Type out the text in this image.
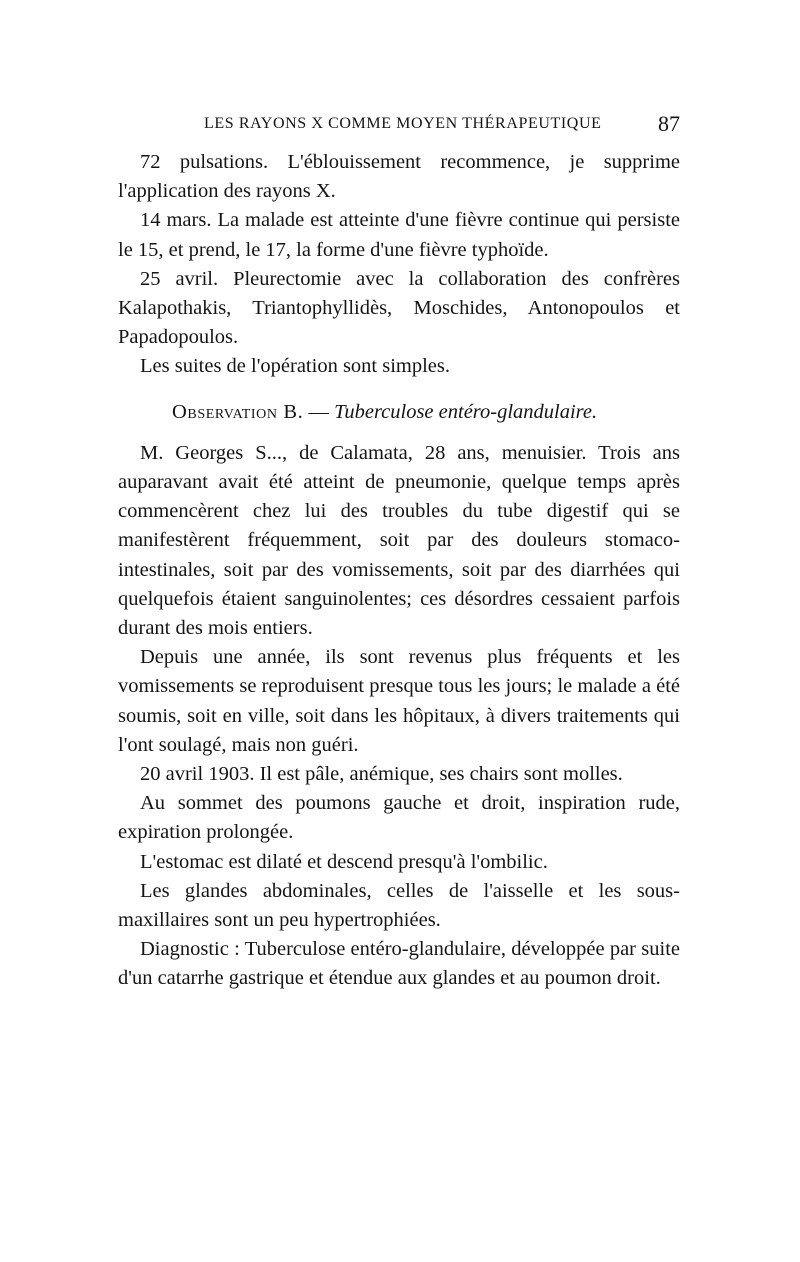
LES RAYONS X COMME MOYEN THÉRAPEUTIQUE	87

72 pulsations. L'éblouissement recommence, je supprime l'application des rayons X.

14 mars. La malade est atteinte d'une fièvre continue qui persiste le 15, et prend, le 17, la forme d'une fièvre typhoïde.

25 avril. Pleurectomie avec la collaboration des confrères Kalapothakis, Triantophyllidès, Moschides, Antonopoulos et Papadopoulos.

Les suites de l'opération sont simples.

Observation B. — Tuberculose entéro-glandulaire.

M. Georges S..., de Calamata, 28 ans, menuisier. Trois ans auparavant avait été atteint de pneumonie, quelque temps après commencèrent chez lui des troubles du tube digestif qui se manifestèrent fréquemment, soit par des douleurs stomaco-intestinales, soit par des vomissements, soit par des diarrhées qui quelquefois étaient sanguinolentes; ces désordres cessaient parfois durant des mois entiers.

Depuis une année, ils sont revenus plus fréquents et les vomissements se reproduisent presque tous les jours; le malade a été soumis, soit en ville, soit dans les hôpitaux, à divers traitements qui l'ont soulagé, mais non guéri.

20 avril 1903. Il est pâle, anémique, ses chairs sont molles.

Au sommet des poumons gauche et droit, inspiration rude, expiration prolongée.

L'estomac est dilaté et descend presqu'à l'ombilic.

Les glandes abdominales, celles de l'aisselle et les sous-maxillaires sont un peu hypertrophiées.

Diagnostic : Tuberculose entéro-glandulaire, développée par suite d'un catarrhe gastrique et étendue aux glandes et au poumon droit.
